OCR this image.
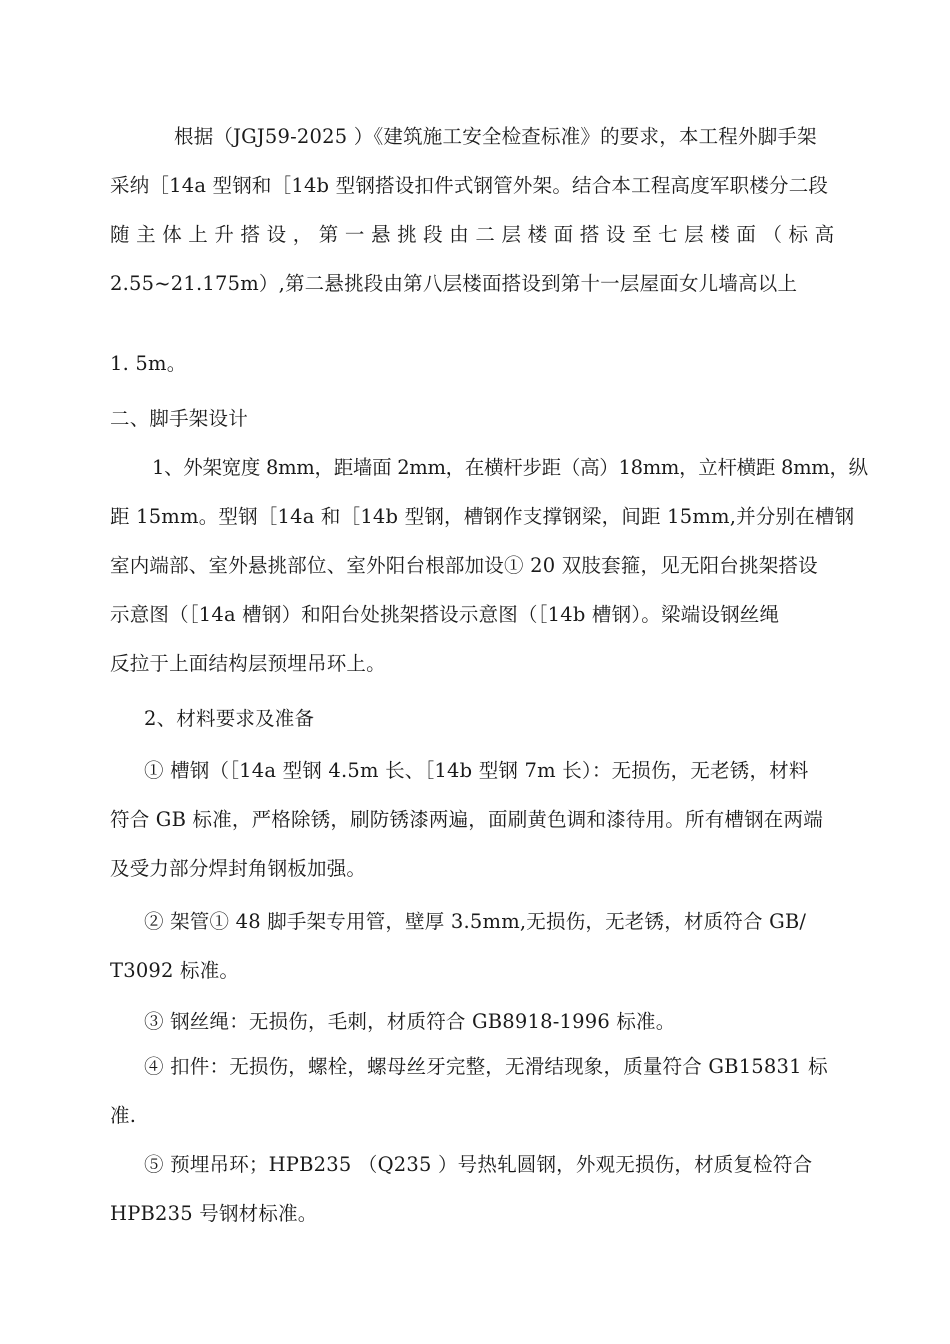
根据（JGJ59-2025 ）《建筑施工安全检查标准》的要求，本工程外脚手架
采纳［14a 型钢和［14b 型钢搭设扣件式钢管外架。结合本工程高度军职楼分二段
随 主 体 上 升 搭 设 ， 第 一 悬 挑 段 由 二 层 楼 面 搭 设 至 七 层 楼 面 （ 标 高
2.55~21.175m）,第二悬挑段由第八层楼面搭设到第十一层屋面女儿墙高以上
1. 5m。
二、脚手架设计
1、外架宽度 8mm，距墙面 2mm，在横杆步距（高）18mm，立杆横距 8mm，纵
距 15mm。型钢［14a 和［14b 型钢，槽钢作支撑钢梁，间距 15mm,并分别在槽钢
室内端部、室外悬挑部位、室外阳台根部加设① 20 双肢套箍，见无阳台挑架搭设
示意图（［14a 槽钢）和阳台处挑架搭设示意图（［14b 槽钢）。梁端设钢丝绳
反拉于上面结构层预埋吊环上。
2、材料要求及准备
① 槽钢（［14a 型钢 4.5m 长、［14b 型钢 7m 长）：无损伤，无老锈，材料
符合 GB 标准，严格除锈，刷防锈漆两遍，面刷黄色调和漆待用。所有槽钢在两端
及受力部分焊封角钢板加强。
② 架管① 48 脚手架专用管，壁厚 3.5mm,无损伤，无老锈，材质符合 GB/
T3092 标准。
③ 钢丝绳：无损伤，毛刺，材质符合 GB8918-1996 标准。
④ 扣件：无损伤，螺栓，螺母丝牙完整，无滑结现象，质量符合 GB15831 标
准.
⑤ 预埋吊环；HPB235 （Q235 ）号热轧圆钢，外观无损伤，材质复检符合
HPB235 号钢材标准。
